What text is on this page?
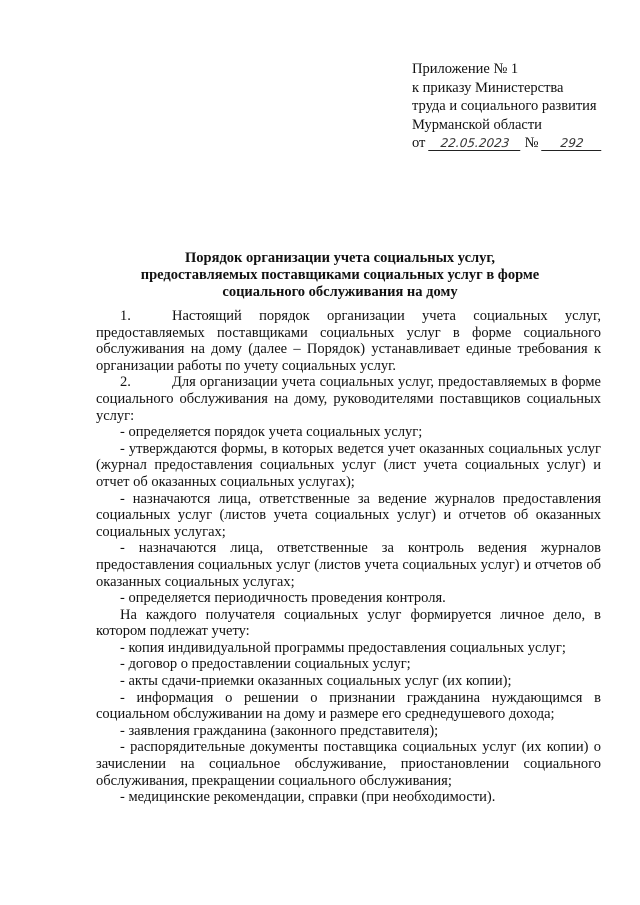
Приложение № 1
к приказу Министерства
труда и социального развития
Мурманской области
от 22.05.2023 № 292
Порядок организации учета социальных услуг,
предоставляемых поставщиками социальных услуг в форме
социального обслуживания на дому

1.	Настоящий порядок организации учета социальных услуг, предоставляемых поставщиками социальных услуг в форме социального обслуживания на дому (далее – Порядок) устанавливает единые требования к организации работы по учету социальных услуг.

2.	Для организации учета социальных услуг, предоставляемых в форме социального обслуживания на дому, руководителями поставщиков социальных услуг:

- определяется порядок учета социальных услуг;

- утверждаются формы, в которых ведется учет оказанных социальных услуг (журнал предоставления социальных услуг (лист учета социальных услуг) и отчет об оказанных социальных услугах);

- назначаются лица, ответственные за ведение журналов предоставления социальных услуг (листов учета социальных услуг) и отчетов об оказанных социальных услугах;

- назначаются лица, ответственные за контроль ведения журналов предоставления социальных услуг (листов учета социальных услуг) и отчетов об оказанных социальных услугах;

- определяется периодичность проведения контроля.

На каждого получателя социальных услуг формируется личное дело, в котором подлежат учету:

- копия индивидуальной программы предоставления социальных услуг;

- договор о предоставлении социальных услуг;

- акты сдачи-приемки оказанных социальных услуг (их копии);

- информация о решении о признании гражданина нуждающимся в социальном обслуживании на дому и размере его среднедушевого дохода;

- заявления гражданина (законного представителя);

- распорядительные документы поставщика социальных услуг (их копии) о зачислении на социальное обслуживание, приостановлении социального обслуживания, прекращении социального обслуживания;

- медицинские рекомендации, справки (при необходимости).
